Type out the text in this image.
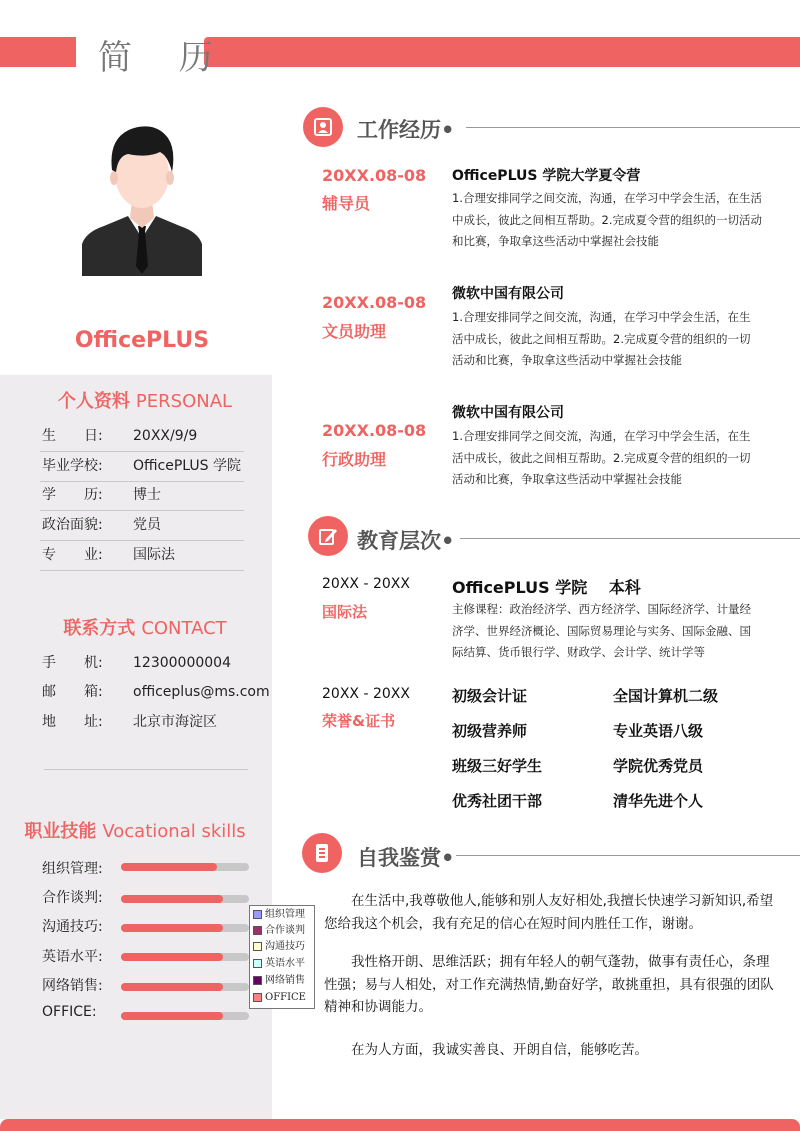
简 历
OfficePLUS
个人资料 PERSONAL
生　　日: 20XX/9/9
毕业学校: OfficePLUS 学院
学　　历: 博士
政治面貌: 党员
专　　业: 国际法
联系方式 CONTACT
手　　机: 12300000004
邮　　箱: officeplus@ms.com
地　　址: 北京市海淀区
职业技能 Vocational skills
组织管理:
合作谈判:
沟通技巧:
英语水平:
网络销售:
OFFICE:
组织管理
合作谈判
沟通技巧
英语水平
网络销售
OFFICE
工作经历•
20XX.08-08
辅导员
OfficePLUS 学院大学夏令营
1.合理安排同学之间交流，沟通，在学习中学会生活，在生活
中成长，彼此之间相互帮助。2.完成夏令营的组织的一切活动
和比赛，争取拿这些活动中掌握社会技能
20XX.08-08
文员助理
微软中国有限公司
1.合理安排同学之间交流，沟通，在学习中学会生活，在生
活中成长，彼此之间相互帮助。2.完成夏令营的组织的一切
活动和比赛，争取拿这些活动中掌握社会技能
20XX.08-08
行政助理
微软中国有限公司
1.合理安排同学之间交流，沟通，在学习中学会生活，在生
活中成长，彼此之间相互帮助。2.完成夏令营的组织的一切
活动和比赛，争取拿这些活动中掌握社会技能
教育层次•
20XX - 20XX
国际法
OfficePLUS 学院　 本科
主修课程：政治经济学、西方经济学、国际经济学、计量经
济学、世界经济概论、国际贸易理论与实务、国际金融、国
际结算、货币银行学、财政学、会计学、统计学等
20XX - 20XX
荣誉&证书
初级会计证	全国计算机二级
初级营养师	专业英语八级
班级三好学生	学院优秀党员
优秀社团干部	清华先进个人
自我鉴赏•
在生活中,我尊敬他人,能够和别人友好相处,我擅长快速学习新知识,希望您给我这个机会，我有充足的信心在短时间内胜任工作，谢谢。
我性格开朗、思维活跃；拥有年轻人的朝气蓬勃，做事有责任心，条理性强；易与人相处，对工作充满热情,勤奋好学，敢挑重担，具有很强的团队精神和协调能力。
在为人方面，我诚实善良、开朗自信，能够吃苦。
